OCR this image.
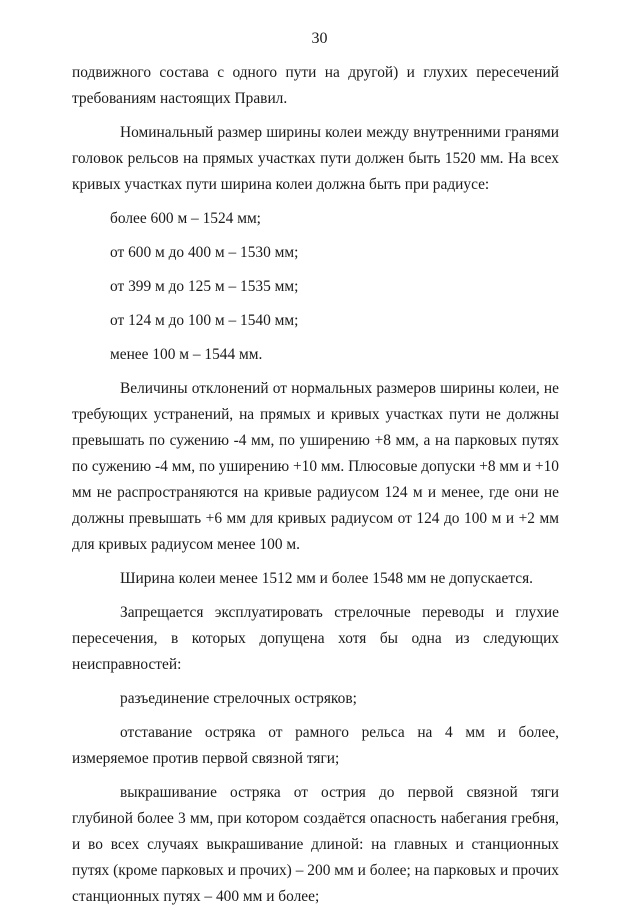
30

подвижного состава с одного пути на другой) и глухих пересечений требованиям настоящих Правил.

Номинальный размер ширины колеи между внутренними гранями головок рельсов на прямых участках пути должен быть 1520 мм. На всех кривых участках пути ширина колеи должна быть при радиусе:

более 600 м – 1524 мм;

от 600 м до 400 м – 1530 мм;

от 399 м до 125 м – 1535 мм;

от 124 м до 100 м – 1540 мм;

менее 100 м – 1544 мм.

Величины отклонений от нормальных размеров ширины колеи, не требующих устранений, на прямых и кривых участках пути не должны превышать по сужению -4 мм, по уширению +8 мм, а на парковых путях по сужению -4 мм, по уширению +10 мм. Плюсовые допуски +8 мм и +10 мм не распространяются на кривые радиусом 124 м и менее, где они не должны превышать +6 мм для кривых радиусом от 124 до 100 м и +2 мм для кривых радиусом менее 100 м.

Ширина колеи менее 1512 мм и более 1548 мм не допускается.

Запрещается эксплуатировать стрелочные переводы и глухие пересечения, в которых допущена хотя бы одна из следующих неисправностей:

разъединение стрелочных остряков;

отставание остряка от рамного рельса на 4 мм и более, измеряемое против первой связной тяги;

выкрашивание остряка от острия до первой связной тяги глубиной более 3 мм, при котором создаётся опасность набегания гребня, и во всех случаях выкрашивание длиной: на главных и станционных путях (кроме парковых и прочих) – 200 мм и более; на парковых и прочих станционных путях – 400 мм и более;
